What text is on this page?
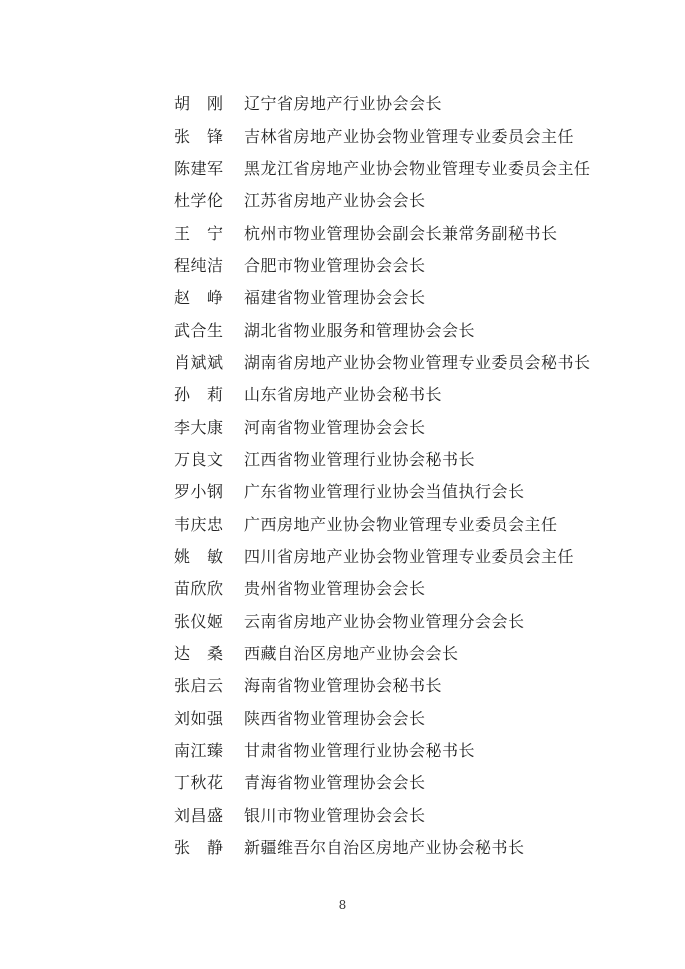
胡　刚	辽宁省房地产行业协会会长
张　锋	吉林省房地产业协会物业管理专业委员会主任
陈建军	黑龙江省房地产业协会物业管理专业委员会主任
杜学伦	江苏省房地产业协会会长
王　宁	杭州市物业管理协会副会长兼常务副秘书长
程纯洁	合肥市物业管理协会会长
赵　峥	福建省物业管理协会会长
武合生	湖北省物业服务和管理协会会长
肖斌斌	湖南省房地产业协会物业管理专业委员会秘书长
孙　莉	山东省房地产业协会秘书长
李大康	河南省物业管理协会会长
万良文	江西省物业管理行业协会秘书长
罗小钢	广东省物业管理行业协会当值执行会长
韦庆忠	广西房地产业协会物业管理专业委员会主任
姚　敏	四川省房地产业协会物业管理专业委员会主任
苗欣欣	贵州省物业管理协会会长
张仪姬	云南省房地产业协会物业管理分会会长
达　桑	西藏自治区房地产业协会会长
张启云	海南省物业管理协会秘书长
刘如强	陕西省物业管理协会会长
南江臻	甘肃省物业管理行业协会秘书长
丁秋花	青海省物业管理协会会长
刘昌盛	银川市物业管理协会会长
张　静	新疆维吾尔自治区房地产业协会秘书长
8
